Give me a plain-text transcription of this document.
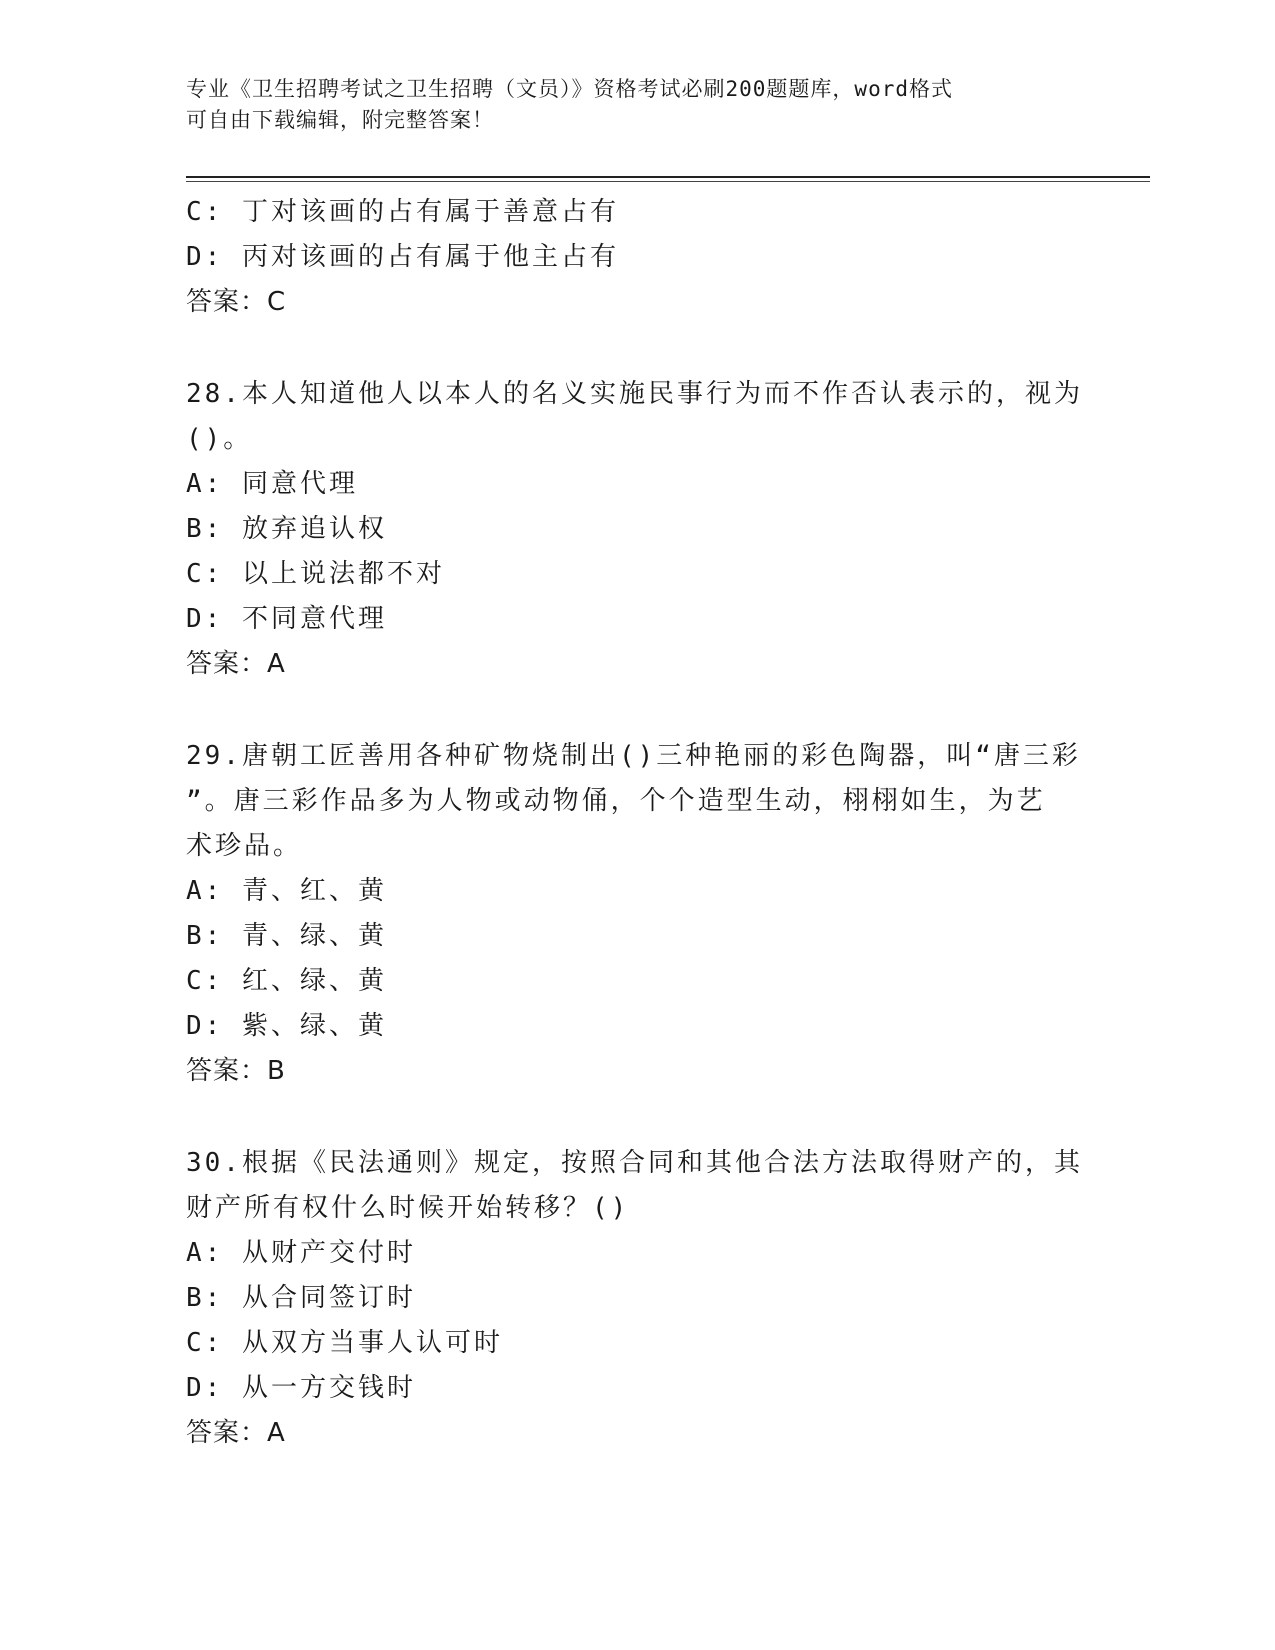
专业《卫生招聘考试之卫生招聘（文员）》资格考试必刷200题题库，word格式
可自由下载编辑，附完整答案！
C: 丁对该画的占有属于善意占有
D: 丙对该画的占有属于他主占有
答案：C
28.本人知道他人以本人的名义实施民事行为而不作否认表示的，视为
()。
A: 同意代理
B: 放弃追认权
C: 以上说法都不对
D: 不同意代理
答案：A
29.唐朝工匠善用各种矿物烧制出()三种艳丽的彩色陶器，叫“唐三彩
”。唐三彩作品多为人物或动物俑，个个造型生动，栩栩如生，为艺
术珍品。
A: 青、红、黄
B: 青、绿、黄
C: 红、绿、黄
D: 紫、绿、黄
答案：B
30.根据《民法通则》规定，按照合同和其他合法方法取得财产的，其
财产所有权什么时候开始转移？()
A: 从财产交付时
B: 从合同签订时
C: 从双方当事人认可时
D: 从一方交钱时
答案：A
